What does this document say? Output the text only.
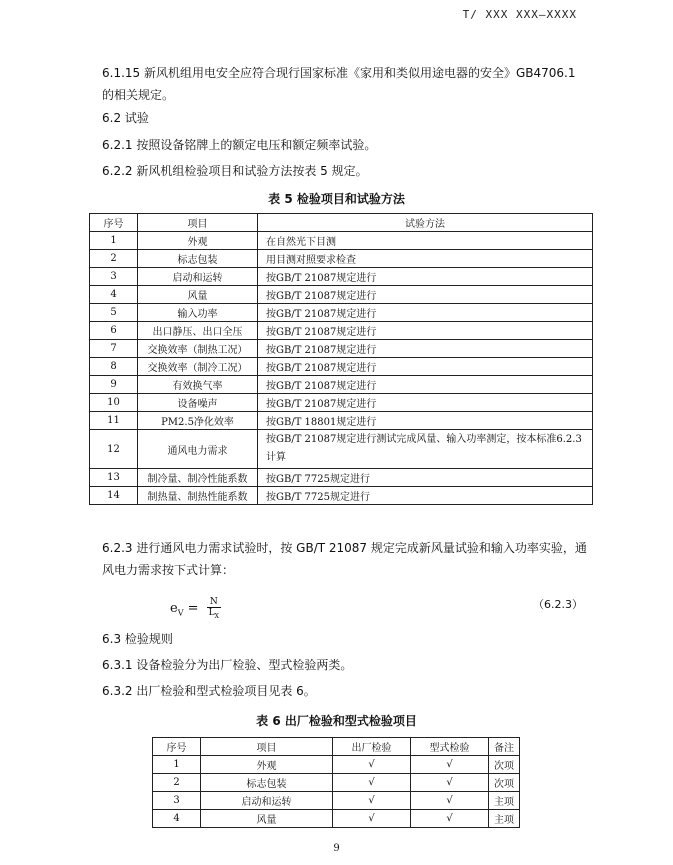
T/ XXX XXX—XXXX
6.1.15 新风机组用电安全应符合现行国家标准《家用和类似用途电器的安全》GB4706.1 的相关规定。
6.2 试验
6.2.1 按照设备铭牌上的额定电压和额定频率试验。
6.2.2 新风机组检验项目和试验方法按表 5 规定。
表 5 检验项目和试验方法
序号	项目	试验方法
1	外观	在自然光下目测
2	标志包装	用目测对照要求检查
3	启动和运转	按GB/T 21087规定进行
4	风量	按GB/T 21087规定进行
5	输入功率	按GB/T 21087规定进行
6	出口静压、出口全压	按GB/T 21087规定进行
7	交换效率（制热工况）	按GB/T 21087规定进行
8	交换效率（制冷工况）	按GB/T 21087规定进行
9	有效换气率	按GB/T 21087规定进行
10	设备噪声	按GB/T 21087规定进行
11	PM2.5净化效率	按GB/T 18801规定进行
12	通风电力需求	按GB/T 21087规定进行测试完成风量、输入功率测定，按本标准6.2.3计算
13	制冷量、制冷性能系数	按GB/T 7725规定进行
14	制热量、制热性能系数	按GB/T 7725规定进行
6.2.3 进行通风电力需求试验时，按 GB/T 21087 规定完成新风量试验和输入功率实验，通风电力需求按下式计算：
$e_V = \frac{N}{L_X}$	（6.2.3）
6.3 检验规则
6.3.1 设备检验分为出厂检验、型式检验两类。
6.3.2 出厂检验和型式检验项目见表 6。
表 6 出厂检验和型式检验项目
序号	项目	出厂检验	型式检验	备注
1	外观	√	√	次项
2	标志包装	√	√	次项
3	启动和运转	√	√	主项
4	风量	√	√	主项
9
